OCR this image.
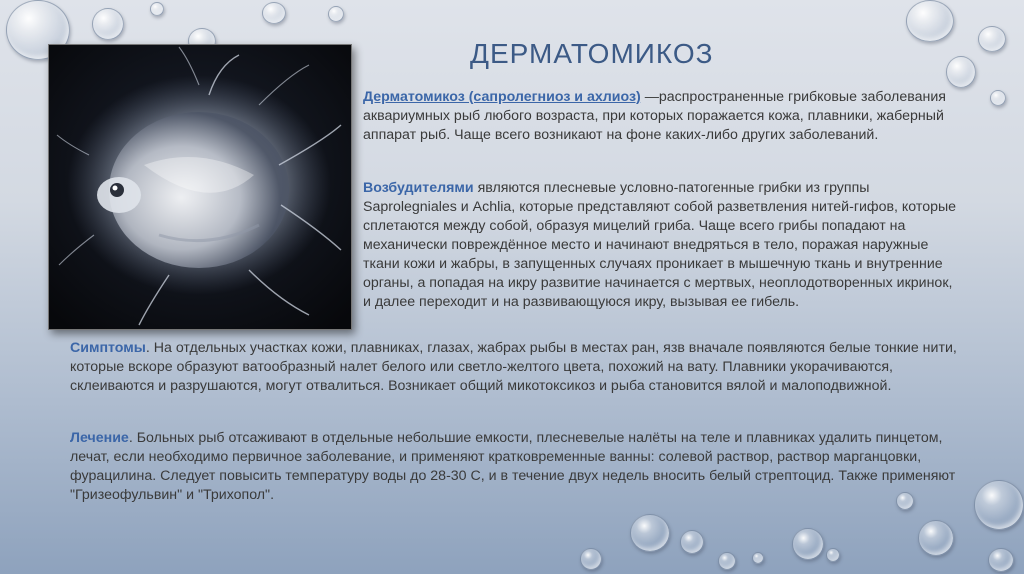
ДЕРМАТОМИКОЗ
Дерматомикоз (сапролегниоз и ахлиоз) —распространенные грибковые заболевания аквариумных рыб любого возраста, при которых поражается кожа, плавники, жаберный аппарат рыб. Чаще всего возникают на фоне каких-либо других заболеваний.
Возбудителями являются плесневые условно-патогенные грибки из группы Saprolegniales и Achlia, которые представляют собой разветвления нитей-гифов, которые сплетаются между собой, образуя мицелий гриба. Чаще всего грибы попадают на механически повреждённое место и начинают внедряться в тело, поражая наружные ткани кожи и жабры, в запущенных случаях проникает в мышечную ткань и внутренние органы, а попадая на икру развитие начинается с мертвых, неоплодотворенных икринок, и далее переходит и на развивающуюся икру, вызывая ее гибель.
Симптомы. На отдельных участках кожи, плавниках, глазах, жабрах рыбы в местах ран, язв вначале появляются белые тонкие нити, которые вскоре образуют ватообразный налет белого или светло-желтого цвета, похожий на вату. Плавники укорачиваются, склеиваются и разрушаются, могут отвалиться. Возникает общий микотоксикоз и рыба становится вялой и малоподвижной.
Лечение. Больных рыб отсаживают в отдельные небольшие емкости, плесневелые налёты на теле и плавниках удалить пинцетом, лечат, если необходимо первичное заболевание, и применяют кратковременные ванны: солевой раствор, раствор марганцовки, фурацилина. Следует повысить температуру воды до 28-30 С, и в течение двух недель вносить белый стрептоцид. Также применяют "Гризеофульвин" и "Трихопол".
